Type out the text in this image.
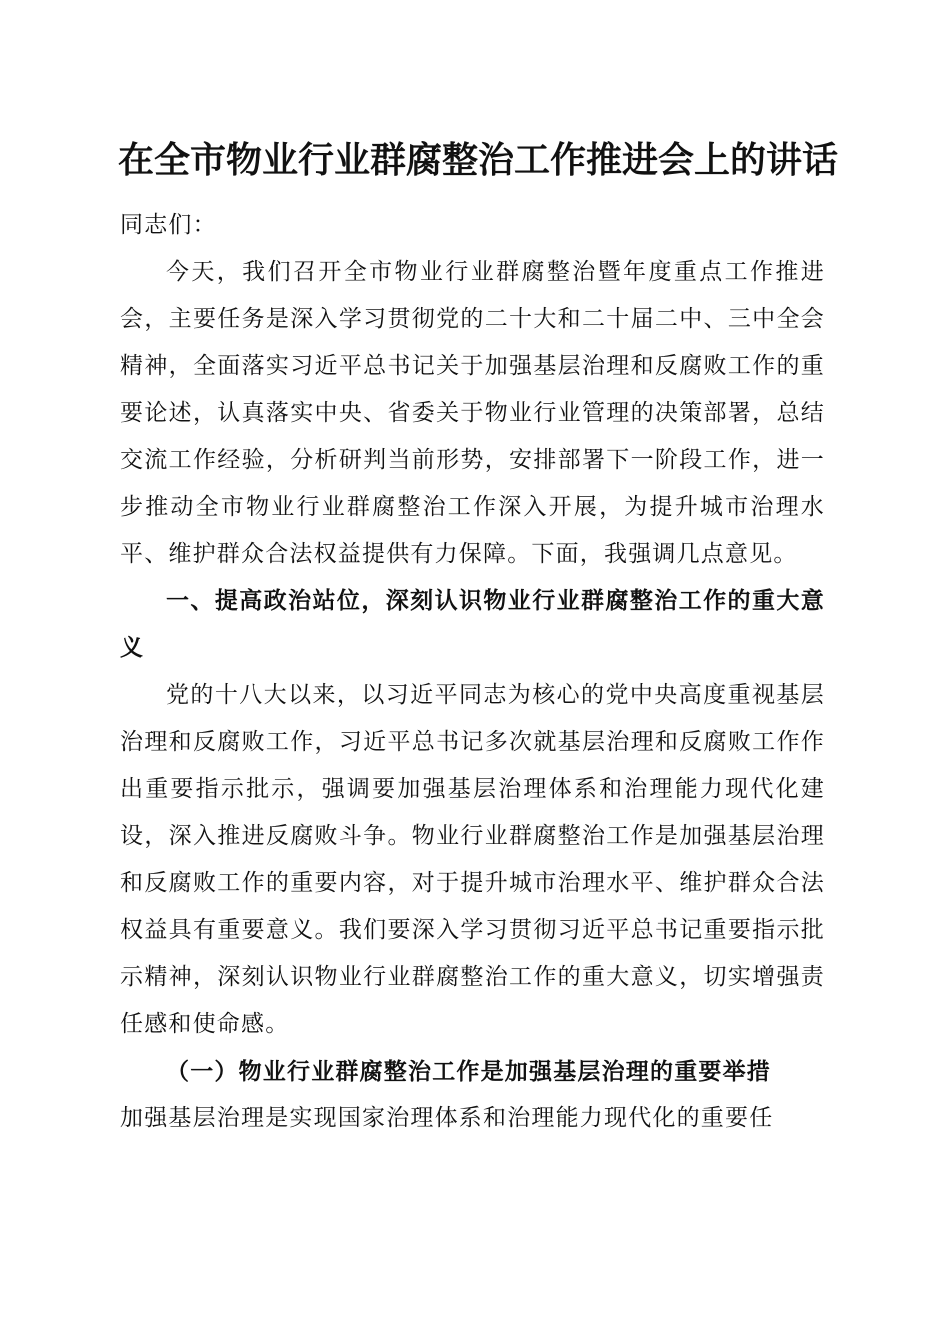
在全市物业行业群腐整治工作推进会上的讲话

同志们：

今天，我们召开全市物业行业群腐整治暨年度重点工作推进会，主要任务是深入学习贯彻党的二十大和二十届二中、三中全会精神，全面落实习近平总书记关于加强基层治理和反腐败工作的重要论述，认真落实中央、省委关于物业行业管理的决策部署，总结交流工作经验，分析研判当前形势，安排部署下一阶段工作，进一步推动全市物业行业群腐整治工作深入开展，为提升城市治理水平、维护群众合法权益提供有力保障。下面，我强调几点意见。

一、提高政治站位，深刻认识物业行业群腐整治工作的重大意义

党的十八大以来，以习近平同志为核心的党中央高度重视基层治理和反腐败工作，习近平总书记多次就基层治理和反腐败工作作出重要指示批示，强调要加强基层治理体系和治理能力现代化建设，深入推进反腐败斗争。物业行业群腐整治工作是加强基层治理和反腐败工作的重要内容，对于提升城市治理水平、维护群众合法权益具有重要意义。我们要深入学习贯彻习近平总书记重要指示批示精神，深刻认识物业行业群腐整治工作的重大意义，切实增强责任感和使命感。

（一）物业行业群腐整治工作是加强基层治理的重要举措

加强基层治理是实现国家治理体系和治理能力现代化的重要任
